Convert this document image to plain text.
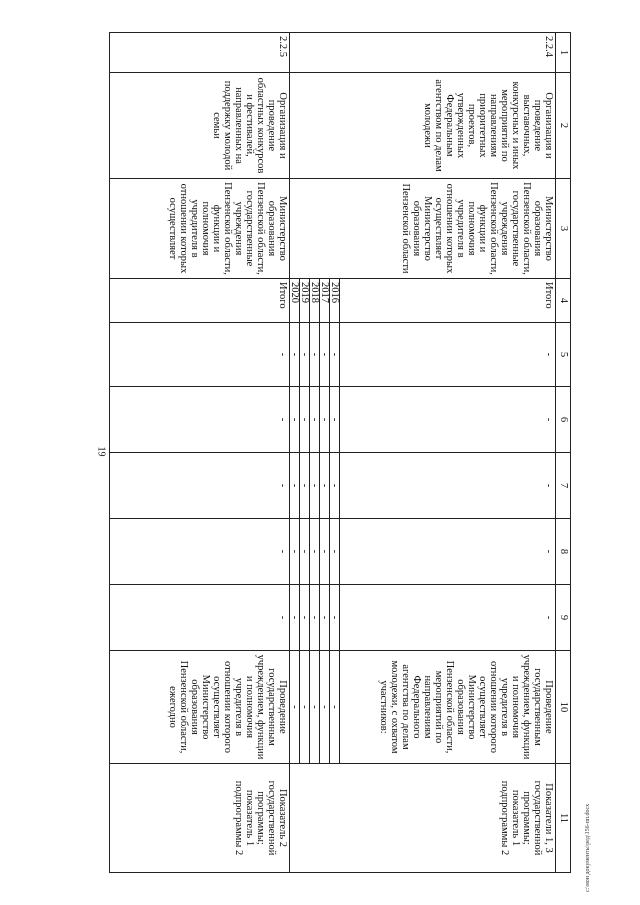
19
1	2	3	4	5	6	7	8	9	10	11
2.2.4	Организация и проведение выставочных, конкурсных и иных мероприятий по направлениям приоритетных проектов, утвержденных Федеральным агентством по делам молодежи	Министерство образования Пензенской области, государственные учреждения Пензенской области, функции и полномочия учредителя в отношении которых осуществляет Министерство образования Пензенской области	Итого	-	-	-	-	-	Проведение государственным учреждением, функции и полномочия учредителя в отношении которого осуществляет Министерство образования Пензенской области, мероприятий по направлениям Федерального агентства по делам молодежи, с охватом участников:	Показатели 1, 3 государственной программы; показатель 1 подпрограммы 2
			2016	-	-	-	-	-	-	
			2017	-	-	-	-	-	-	
			2018	-	-	-	-	-	-	
			2019	-	-	-	-	-	-	
			2020	-	-	-	-	-	-	
2.2.5	Организация и проведение областных конкурсов и фестивалей, направленных на поддержку молодой семьи	Министерство образования Пензенской области, государственные учреждения Пензенской области, функции и полномочия учредителя в отношении которых осуществляет	Итого	-	-	-	-	-	Проведение государственным учреждением, функции и полномочия учредителя в отношении которого осуществляет Министерство образования Пензенской области, ежегодно	Показатель 2 государственной программы; показатель 1 подпрограммы 2	с:\мои документы\ред\156-пп.docx
